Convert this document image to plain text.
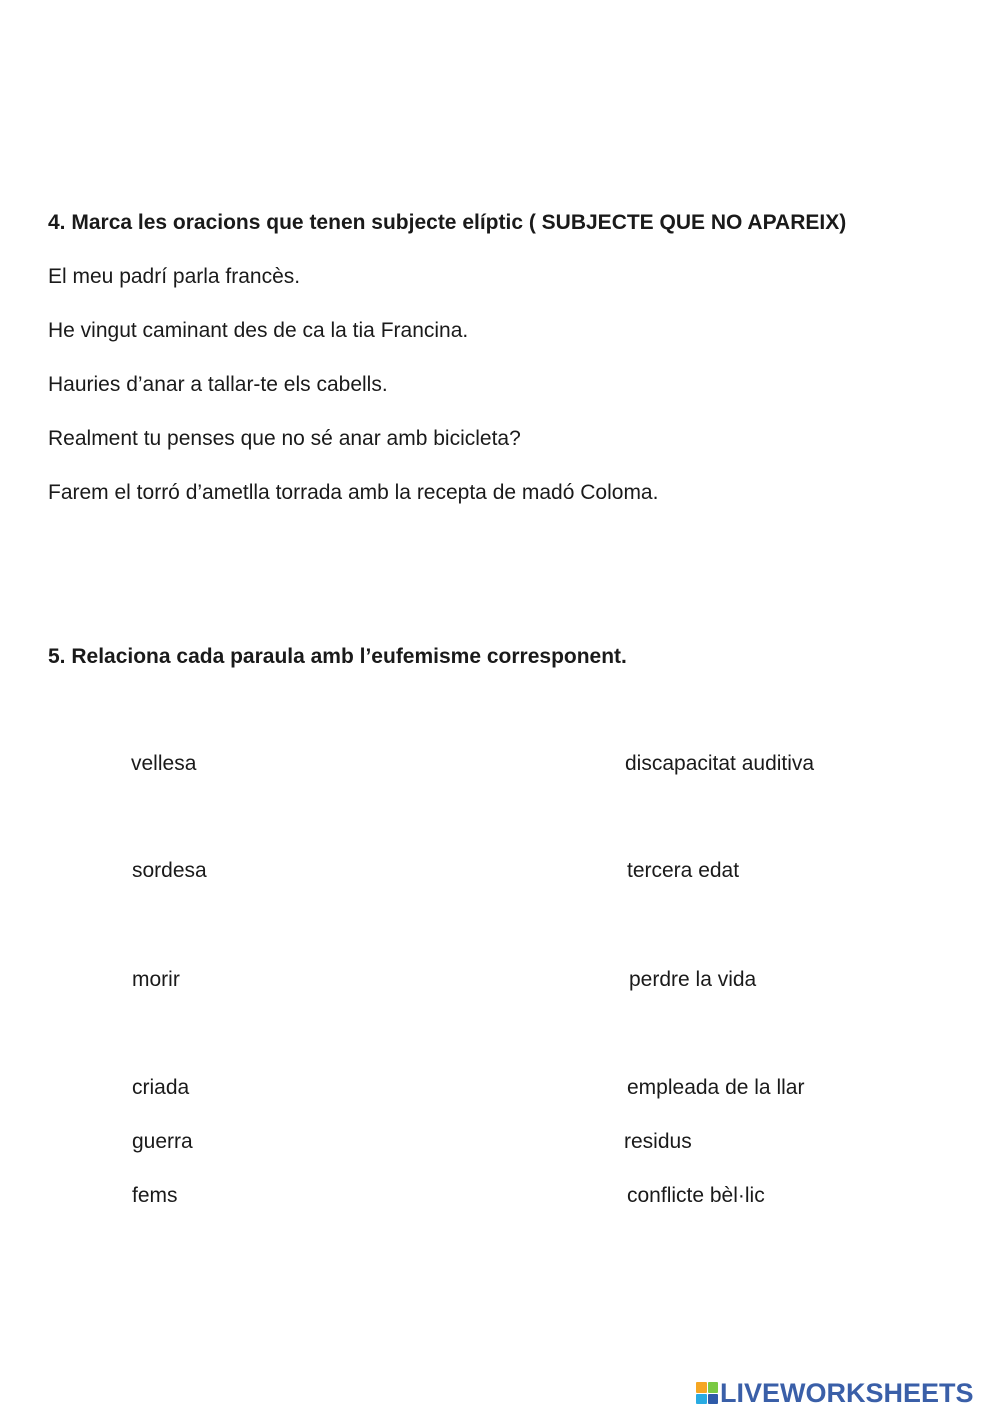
4. Marca les oracions que tenen subjecte elíptic ( SUBJECTE QUE NO APAREIX)
El meu padrí parla francès.
He vingut caminant des de ca la tia Francina.
Hauries d’anar a tallar-te els cabells.
Realment tu penses que no sé anar amb bicicleta?
Farem el torró d’ametlla torrada amb la recepta de madó Coloma.
5. Relaciona cada paraula amb l’eufemisme corresponent.
vellesa
sordesa
morir
criada
guerra
fems
discapacitat auditiva
tercera edat
perdre la vida
empleada de la llar
residus
conflicte bèl·lic
LIVEWORKSHEETS
